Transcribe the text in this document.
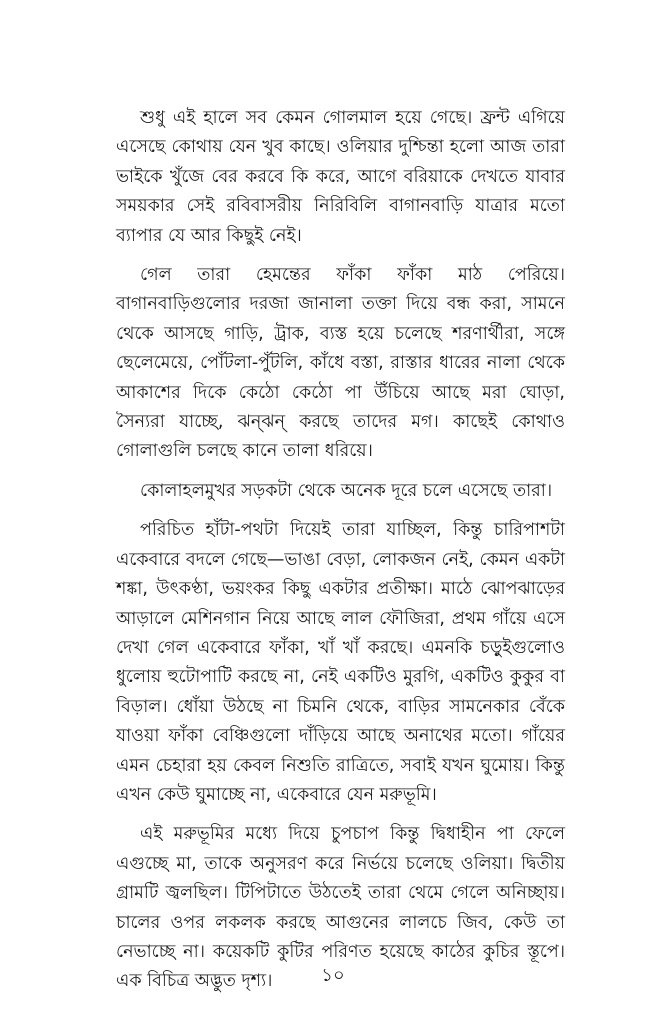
শুধু এই হালে সব কেমন গোলমাল হয়ে গেছে। ফ্রন্ট এগিয়ে এসেছে কোথায় যেন খুব কাছে। ওলিয়ার দুশ্চিন্তা হলো আজ তারা ভাইকে খুঁজে বের করবে কি করে, আগে বরিয়াকে দেখতে যাবার সময়কার সেই রবিবাসরীয় নিরিবিলি বাগানবাড়ি যাত্রার মতো ব্যাপার যে আর কিছুই নেই।

গেল তারা হেমন্তের ফাঁকা ফাঁকা মাঠ পেরিয়ে। বাগানবাড়িগুলোর দরজা জানালা তক্তা দিয়ে বন্ধ করা, সামনে থেকে আসছে গাড়ি, ট্রাক, ব্যস্ত হয়ে চলেছে শরণার্থীরা, সঙ্গে ছেলেমেয়ে, পোঁটলা-পুঁটলি, কাঁধে বস্তা, রাস্তার ধারের নালা থেকে আকাশের দিকে কেঠো কেঠো পা উঁচিয়ে আছে মরা ঘোড়া, সৈন্যরা যাচ্ছে, ঝন্‌ঝন্‌ করছে তাদের মগ। কাছেই কোথাও গোলাগুলি চলছে কানে তালা ধরিয়ে।

কোলাহলমুখর সড়কটা থেকে অনেক দূরে চলে এসেছে তারা।

পরিচিত হাঁটা-পথটা দিয়েই তারা যাচ্ছিল, কিন্তু চারিপাশটা একেবারে বদলে গেছে—ভাঙা বেড়া, লোকজন নেই, কেমন একটা শঙ্কা, উৎকণ্ঠা, ভয়ংকর কিছু একটার প্রতীক্ষা। মাঠে ঝোপঝাড়ের আড়ালে মেশিনগান নিয়ে আছে লাল ফৌজিরা, প্রথম গাঁয়ে এসে দেখা গেল একেবারে ফাঁকা, খাঁ খাঁ করছে। এমনকি চড়ুইগুলোও ধুলোয় হুটোপাটি করছে না, নেই একটিও মুরগি, একটিও কুকুর বা বিড়াল। ধোঁয়া উঠছে না চিমনি থেকে, বাড়ির সামনেকার বেঁকে যাওয়া ফাঁকা বেঞ্চিগুলো দাঁড়িয়ে আছে অনাথের মতো। গাঁয়ের এমন চেহারা হয় কেবল নিশুতি রাত্রিতে, সবাই যখন ঘুমোয়। কিন্তু এখন কেউ ঘুমাচ্ছে না, একেবারে যেন মরুভূমি।

এই মরুভূমির মধ্যে দিয়ে চুপচাপ কিন্তু দ্বিধাহীন পা ফেলে এগুচ্ছে মা, তাকে অনুসরণ করে নির্ভয়ে চলেছে ওলিয়া। দ্বিতীয় গ্রামটি জ্বলছিল। টিপিটাতে উঠতেই তারা থেমে গেলে অনিচ্ছায়। চালের ওপর লকলক করছে আগুনের লালচে জিব, কেউ তা নেভাচ্ছে না। কয়েকটি কুটির পরিণত হয়েছে কাঠের কুচির স্তূপে। এক বিচিত্র অদ্ভুত দৃশ্য।	১০
